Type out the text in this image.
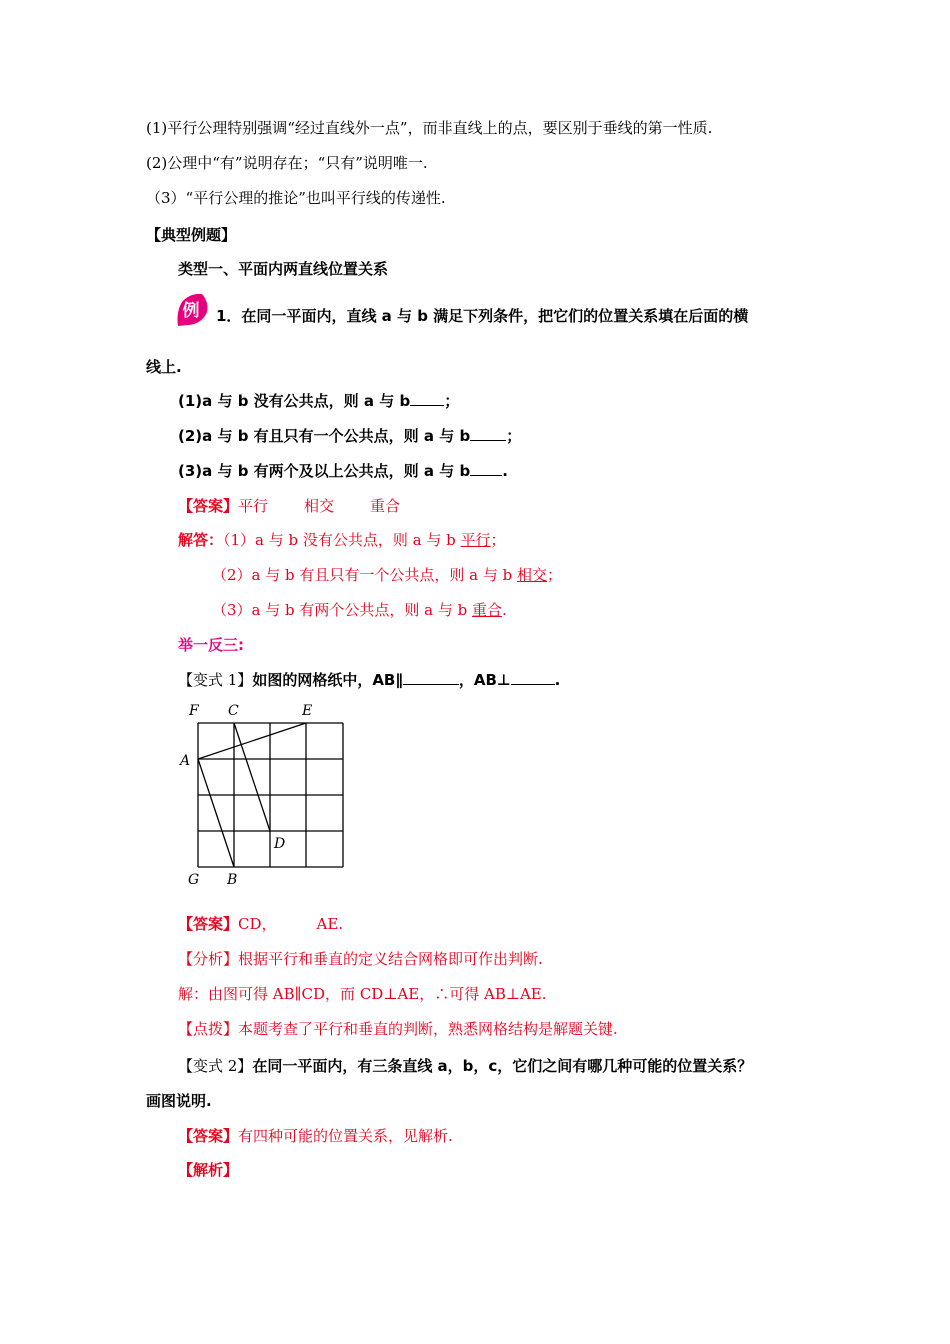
(1)平行公理特别强调“经过直线外一点”，而非直线上的点，要区别于垂线的第一性质.
(2)公理中“有”说明存在；“只有”说明唯一.
（3）“平行公理的推论”也叫平行线的传递性.
【典型例题】
类型一、平面内两直线位置关系
例 1．在同一平面内，直线 a 与 b 满足下列条件，把它们的位置关系填在后面的横
线上.
(1)a 与 b 没有公共点，则 a 与 b ；
(2)a 与 b 有且只有一个公共点，则 a 与 b ；
(3)a 与 b 有两个及以上公共点，则 a 与 b .
【答案】平行 相交 重合
解答：（1）a 与 b 没有公共点，则 a 与 b 平行；
（2）a 与 b 有且只有一个公共点，则 a 与 b 相交；
（3）a 与 b 有两个公共点，则 a 与 b 重合.
举一反三:
【变式 1】如图的网格纸中，AB∥	，AB⊥	.
F C	E
A
D
G B
【答案】CD，	AE.
【分析】根据平行和垂直的定义结合网格即可作出判断.
解：由图可得 AB∥CD，而 CD⊥AE，∴可得 AB⊥AE.
【点拨】本题考查了平行和垂直的判断，熟悉网格结构是解题关键.
【变式 2】在同一平面内，有三条直线 a，b，c，它们之间有哪几种可能的位置关系？
画图说明.
【答案】有四种可能的位置关系，见解析.
【解析】
